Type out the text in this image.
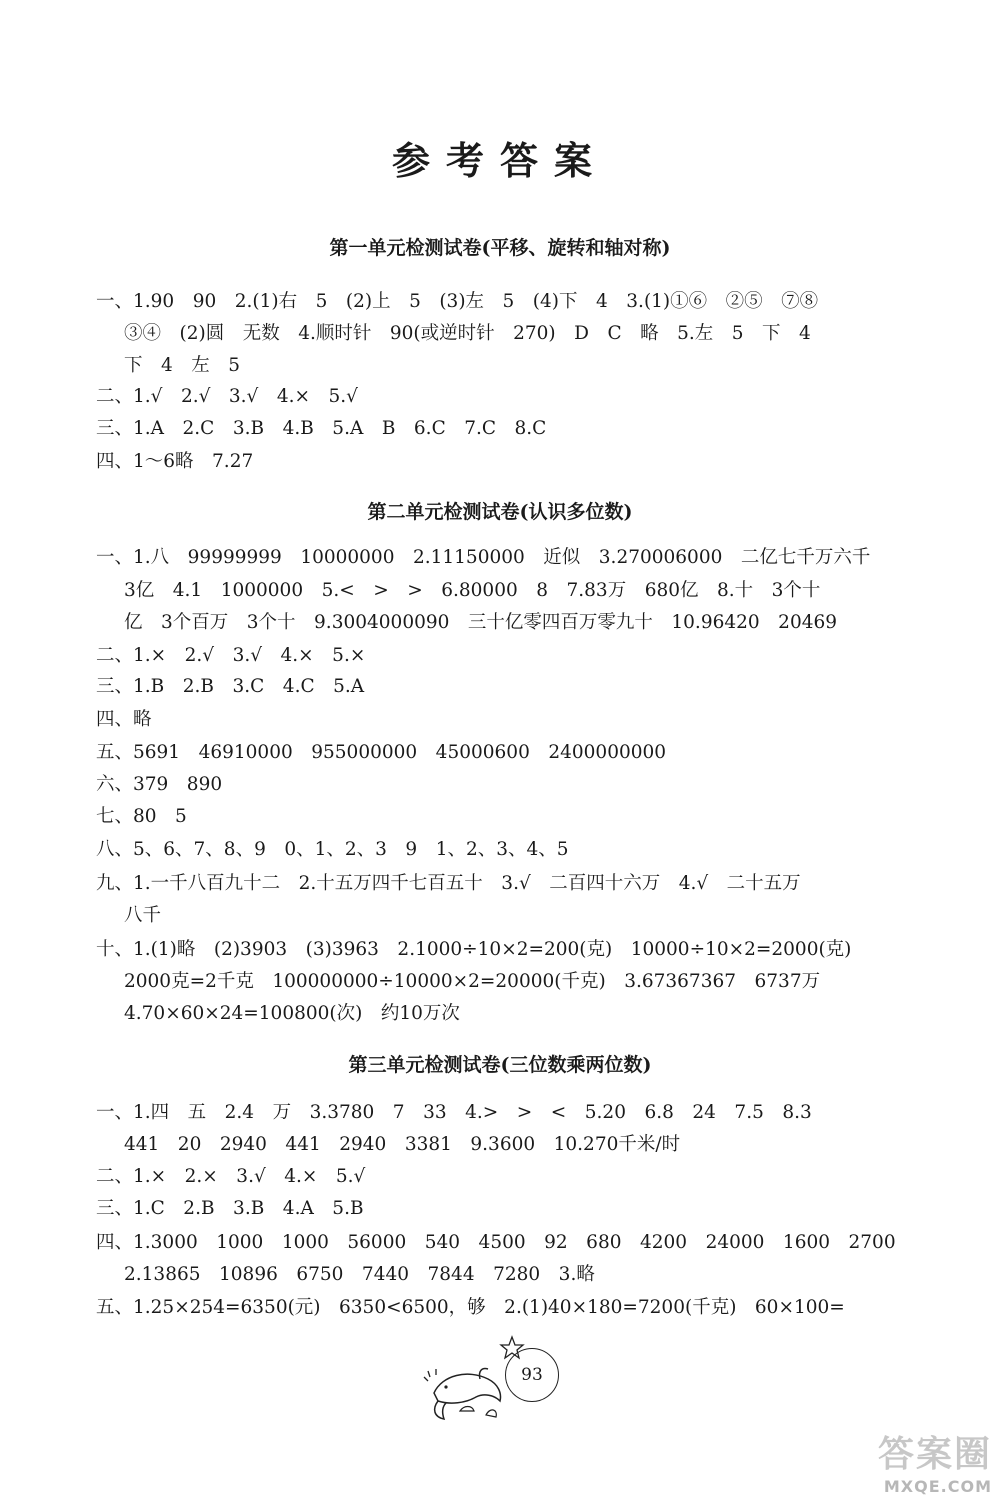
参考答案
第一单元检测试卷(平移、旋转和轴对称)
一、1.90　90　2.(1)右　5　(2)上　5　(3)左　5　(4)下　4　3.(1)①⑥　②⑤　⑦⑧
③④　(2)圆　无数　4.顺时针　90(或逆时针　270)　D　C　略　5.左　5　下　4
下　4　左　5
二、1.√　2.√　3.√　4.×　5.√
三、1.A　2.C　3.B　4.B　5.A　B　6.C　7.C　8.C
四、1～6略　7.27
第二单元检测试卷(认识多位数)
一、1.八　99999999　10000000　2.11150000　近似　3.270006000　二亿七千万六千
3亿　4.1　1000000　5.<　>　>　6.80000　8　7.83万　680亿　8.十　3个十
亿　3个百万　3个十　9.3004000090　三十亿零四百万零九十　10.96420　20469
二、1.×　2.√　3.√　4.×　5.×
三、1.B　2.B　3.C　4.C　5.A
四、略
五、5691　46910000　955000000　45000600　2400000000
六、379　890
七、80　5
八、5、6、7、8、9　0、1、2、3　9　1、2、3、4、5
九、1.一千八百九十二　2.十五万四千七百五十　3.√　二百四十六万　4.√　二十五万
八千
十、1.(1)略　(2)3903　(3)3963　2.1000÷10×2=200(克)　10000÷10×2=2000(克)
2000克=2千克　100000000÷10000×2=20000(千克)　3.67367367　6737万
4.70×60×24=100800(次)　约10万次
第三单元检测试卷(三位数乘两位数)
一、1.四　五　2.4　万　3.3780　7　33　4.>　>　<　5.20　6.8　24　7.5　8.3
441　20　2940　441　2940　3381　9.3600　10.270千米/时
二、1.×　2.×　3.√　4.×　5.√
三、1.C　2.B　3.B　4.A　5.B
四、1.3000　1000　1000　56000　540　4500　92　680　4200　24000　1600　2700
2.13865　10896　6750　7440　7844　7280　3.略
五、1.25×254=6350(元)　6350<6500，够　2.(1)40×180=7200(千克)　60×100=
93
答案圈
MXQE.COM
